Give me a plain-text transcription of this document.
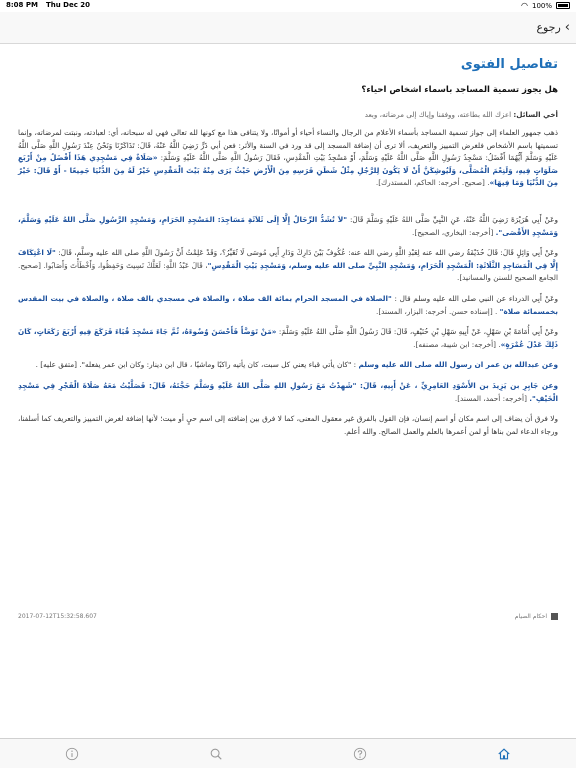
8:08 PM Thu Dec 20	◠ 100%
›
رجوع
تفاصيل الفتوى
هل يجوز تسمية المساجد باسماء اشخاص احياء؟
أخي السائل: اعزك الله بطاعته، ووفقنا وإياك إلى مرضاته، وبعد

ذهب جمهور العلماء إلى جواز تسمية المساجد بأسماء الأعلام من الرجال والنساء أحياء أو أمواتًا، ولا يتنافى هذا مع كونها لله تعالى فهي له سبحانه، أي: لعبادته، ونبتت لمرضاته، وإنما تسميتها باسم الأشخاص فلغرض التمييز والتعريف، ألا ترى أن إضافة المسجد إلى قد ورد في السنة والأثر: فعن أبي ذَرٍّ رَضِيَ اللَّهُ عَنْهُ، قَالَ: تَذَاكَرْنَا وَنَحْنُ عِنْدَ رَسُولِ اللَّهِ صَلَّى اللَّهُ عَلَيْهِ وَسَلَّمَ أَيُّهُمَا أَفْضَلُ: مَسْجِدُ رَسُولِ اللَّهِ صَلَّى اللَّهُ عَلَيْهِ وَسَلَّمَ، أَوْ مَسْجِدُ بَيْتِ الْمَقْدِسِ، فَقَالَ رَسُولُ اللَّهِ صَلَّى اللَّهُ عَلَيْهِ وَسَلَّمَ: «صَلَاةٌ فِي مَسْجِدِي هَذَا أَفْضَلُ مِنْ أَرْبَعِ صَلَوَاتٍ فِيهِ، وَلَنِعْمَ الْمُصَلَّى، وَلَيُوشِكَنَّ أَنْ لَا يَكُونَ لِلرَّجُلِ مِثْلُ شَطَنِ فَرَسِهِ مِنَ الْأَرْضِ حَيْثُ يَرَى مِنْهُ بَيْتَ الْمَقْدِسِ خَيْرٌ لَهُ مِنَ الدُّنْيَا جَمِيعًا - أَوْ قَالَ: خَيْرٌ مِنَ الدُّنْيَا وَمَا فِيهَا». [صحيح. أخرجه: الحاكم، المستدرك].

وعَنْ أَبِي هُرَيْرَةَ رَضِيَ اللَّهُ عَنْهُ، عَنِ النَّبِيِّ صَلَّى اللهُ عَلَيْهِ وَسَلَّمَ قَالَ: "لاَ تُشَدُّ الرِّحَالُ إِلَّا إِلَى ثَلاَثَةِ مَسَاجِدَ: المَسْجِدِ الحَرَامِ، وَمَسْجِدِ الرَّسُولِ صَلَّى اللهُ عَلَيْهِ وَسَلَّمَ، وَمَسْجِدِ الأَقْصَى". [أخرجه: البخاري، الصحيح].

وعَنْ أَبِي وَائِلٍ قَالَ: قَالَ حُذَيْفَةُ رضي الله عنه لِعَبْدِ اللَّهِ رضي الله عنه: عُكُوفٌ بَيْنَ دَارِكَ وَدَارِ أَبِي مُوسَى لَا تُغَيِّرُ؟، وَقَدْ عَلِمْتُ أَنَّ رَسُولَ اللَّهِ صلى الله عليه وسلَّم، قَالَ: "لَا اعْتِكَافَ إِلَّا فِي الْمَسَاجِدِ الثَّلَاثَةِ: الْمَسْجِدِ الْحَرَامِ، وَمَسْجِدِ النَّبِيِّ صلى الله عليه وسلم، وَمَسْجِدِ بَيْتِ الْمَقْدِسِ"، قَالَ عَبْدُ اللَّهِ: لَعَلَّكَ نَسِيتَ وَحَفِظُوا، وَأَخْطَأْتَ وَأَصَابُوا. [صحيح. الجامع الصحيح للسنن والمسانيد].

وعَنْ أَبِي الدرداء عن النبي صلى الله عليه وسلم قال : "الصلاة في المسجد الحرام بمائة الف صلاة ، والصلاة في مسجدي بالف صلاة ، والصلاة في بيت المقدس بخمسمائة صلاة" . [إسناده حسن. أخرجه: البزار، المسند].

وعَنْ أَبِي أُمَامَةَ بْنِ سَهْلٍ، عَنْ أَبِيهِ سَهْلِ بْنِ حُنَيْفٍ، قَالَ: قَالَ رَسُولُ اللَّهِ صَلَّى اللهُ عَلَيْهِ وَسَلَّمَ: «مَنْ تَوَضَّأَ فَأَحْسَنَ وُضُوءَهُ، ثُمَّ جَاءَ مَسْجِدَ قُبَاءَ فَرَكَعَ فِيهِ أَرْبَعَ رَكَعَاتٍ، كَانَ ذَلِكَ عَدْلَ عُمْرَةٍ». [أخرجه: ابن شيبة، مصنفه].

وعن عبدالله بن عمر ان رسول الله صلى الله عليه وسلم : "كان يأتي قباء يعني كل سبت، كان يأتيه راكبًا وماشيًا ، قال ابن دينار: وكان ابن عمر يفعله". [متفق عليه] .

وعن جَابِرِ بن يَزِيدَ بن الأَسْوَدِ العَامِرِيِّ ، عَنْ أَبِيهِ، قَالَ: "شَهِدْتُ مَعَ رَسُولِ اللهِ صَلَّى اللهُ عَلَيْهِ وَسَلَّمَ حَجَّتَهُ، قَالَ: فَصَلَّيْتُ مَعَهُ صَلَاةَ الْفَجْرِ فِي مَسْجِدِ الْخَيْفِ". [أخرجه: أحمد، المسند].

ولا فرق أن يضاف إلى اسم مكان أو اسم إنسان، فإن القول بالفرق غير معقول المعنى، كما لا فرق بين إضافته إلى اسم حيٍ أو ميت؛ لأنها إضافة لغرض التمييز والتعريف كما أسلفنا، ورجاء الدعاء لمن بناها أو لمن أعمرها بالعلم والعمل الصالح. والله أعلم.

2017-07-12T15:32:58.607	احكام الصيام
